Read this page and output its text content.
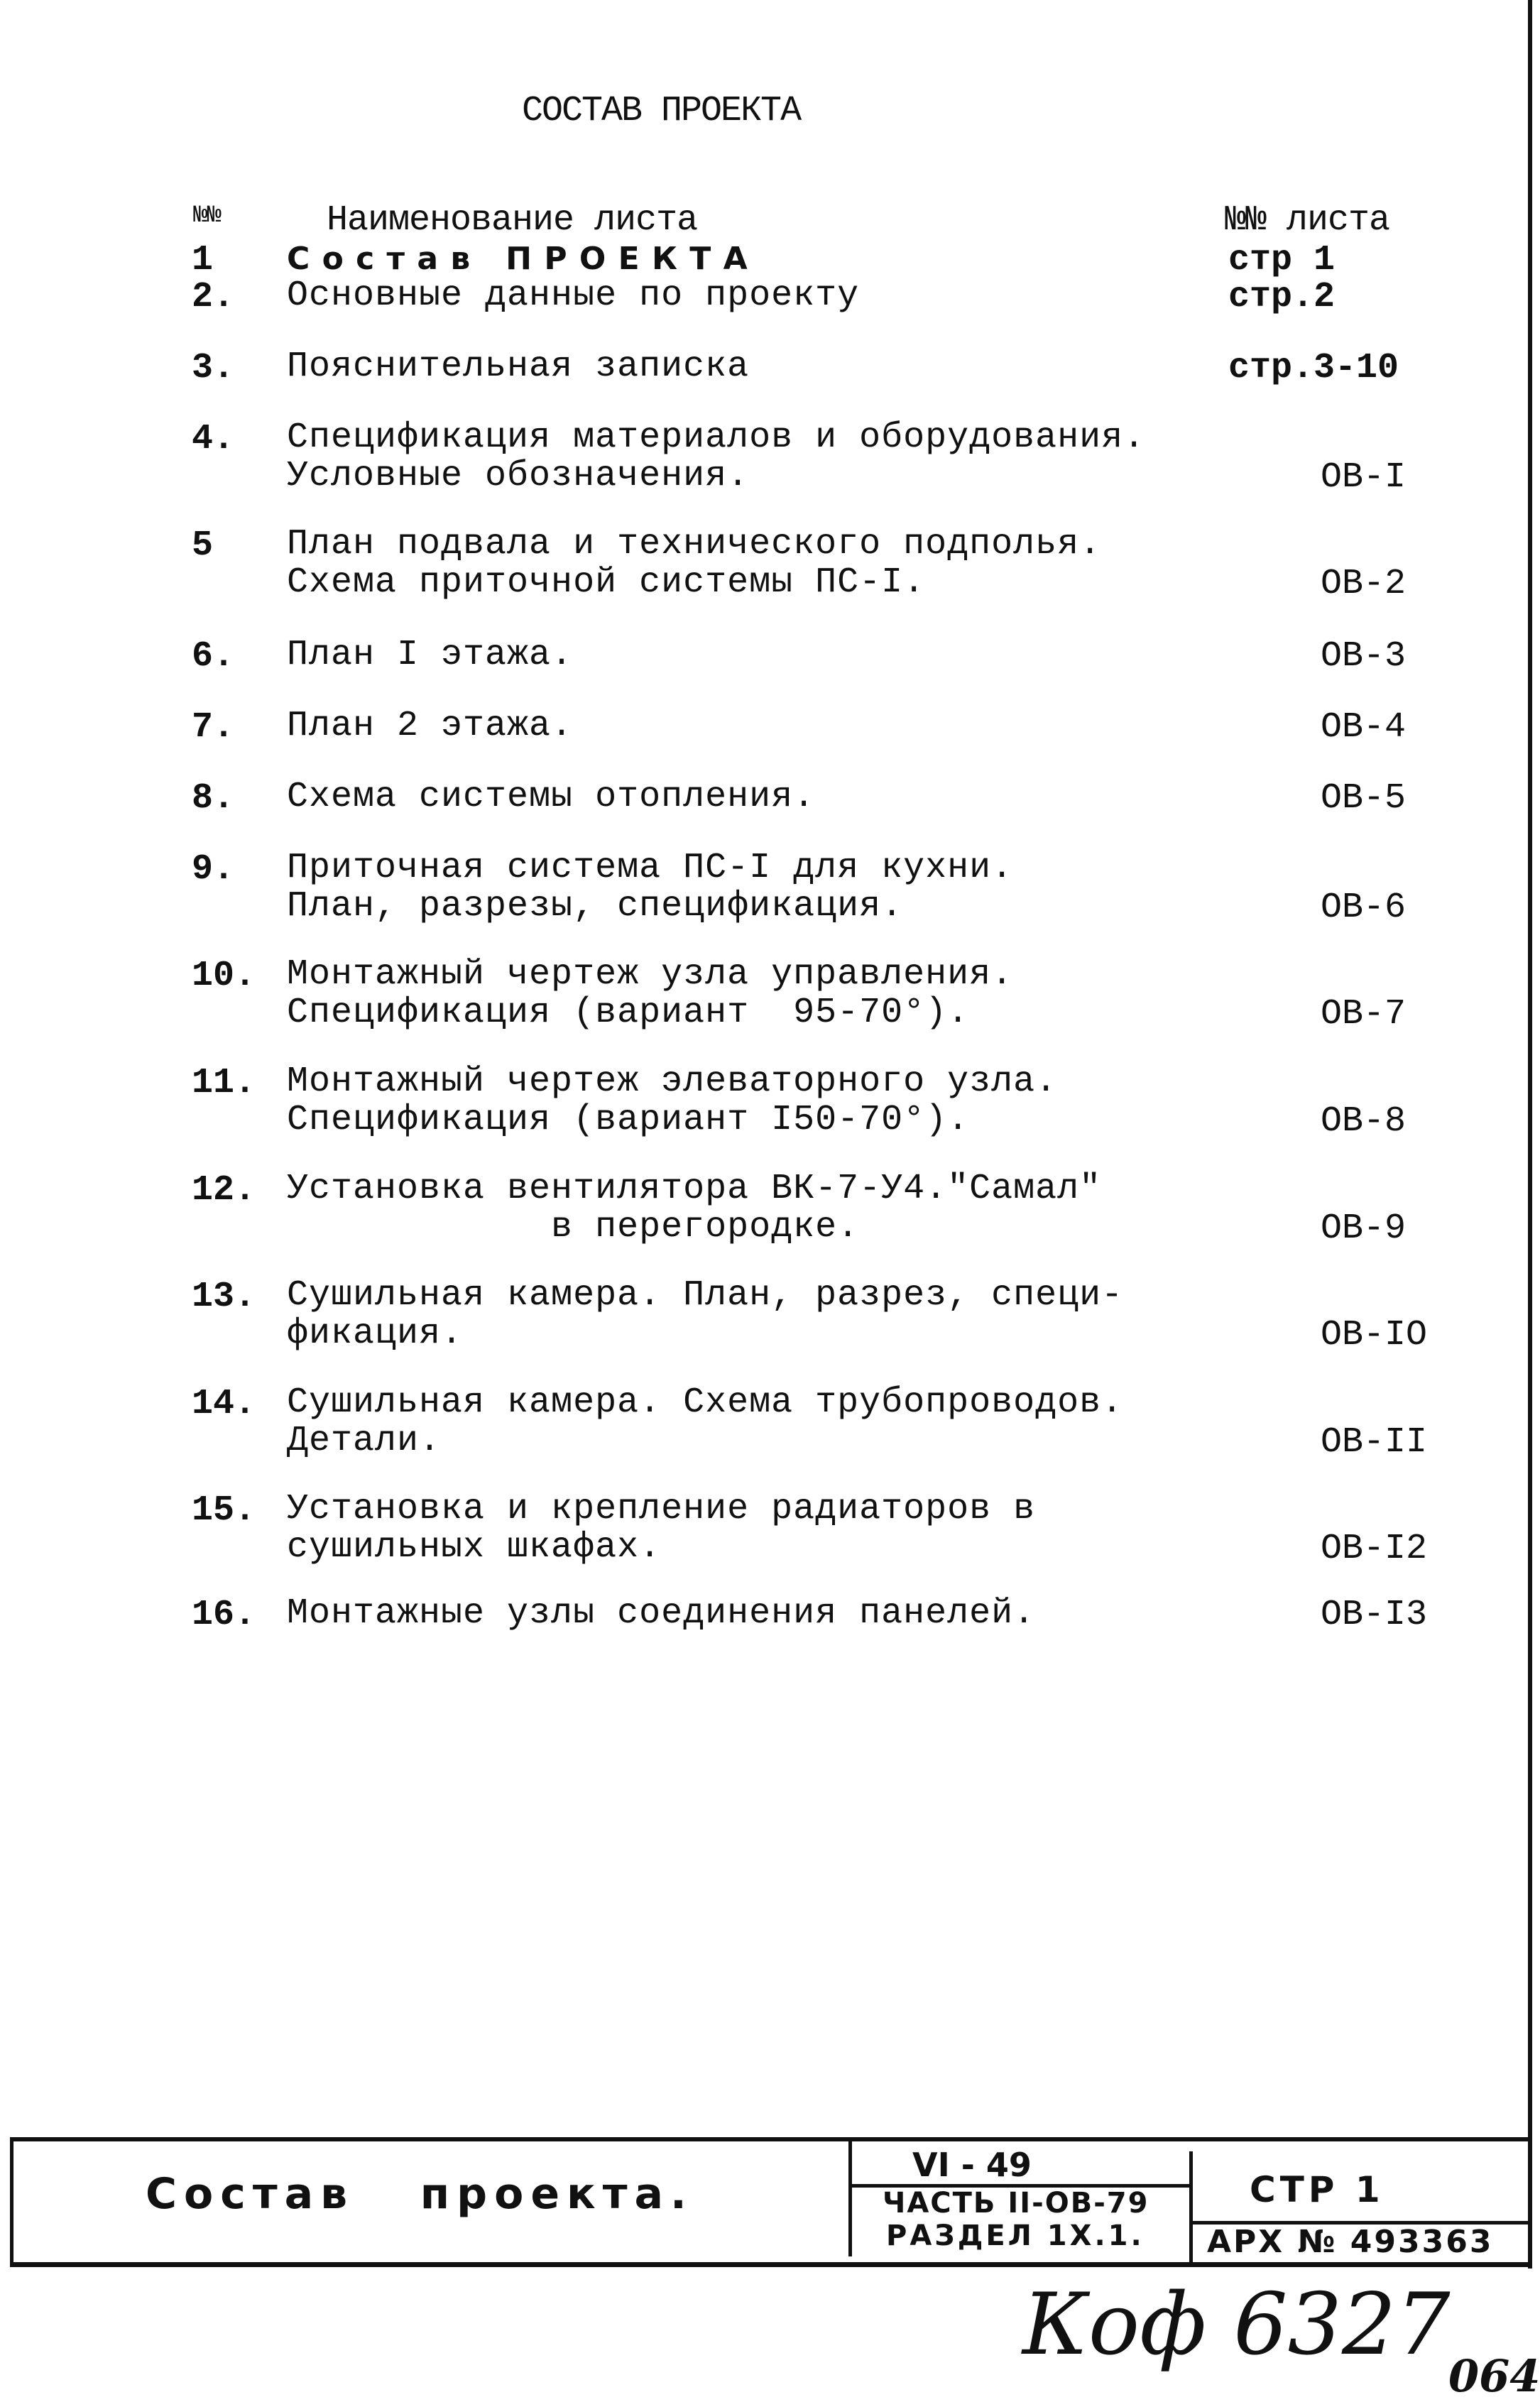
СОСТАВ ПРОЕКТА
№№	Наименование листа	№№ листа
1	С о с т а в   П Р О Е К Т А	стр 1
2.	Основные данные по проекту	стр.2
3.	Пояснительная записка	стр.3-10
4.	Спецификация материалов и оборудования.
Условные обозначения.	ОВ-I
5	План подвала и технического подполья.
Схема приточной системы ПС-I.	ОВ-2
6.	План I этажа.	ОВ-3
7.	План 2 этажа.	ОВ-4
8.	Схема системы отопления.	ОВ-5
9.	Приточная система ПС-I для кухни.
План, разрезы, спецификация.	ОВ-6
10. Монтажный чертеж узла управления.
Спецификация (вариант  95-70°).	ОВ-7
11. Монтажный чертеж элеваторного узла.
Спецификация (вариант I50-70°).	ОВ-8
12. Установка вентилятора ВК-7-У4."Самал"
в перегородке.	ОВ-9
13. Сушильная камера. План, разрез, специ-
фикация.	ОВ-IO
14. Сушильная камера. Схема трубопроводов.
Детали.	ОВ-II
15. Установка и крепление радиаторов в
сушильных шкафах.	ОВ-I2
16. Монтажные узлы соединения панелей.	ОВ-I3
Состав   проекта.
VI - 49
ЧАСТЬ II-ОВ-79
РАЗДЕЛ 1Х.1.
СТР 1
АРХ № 493363
Коф 6327
064
